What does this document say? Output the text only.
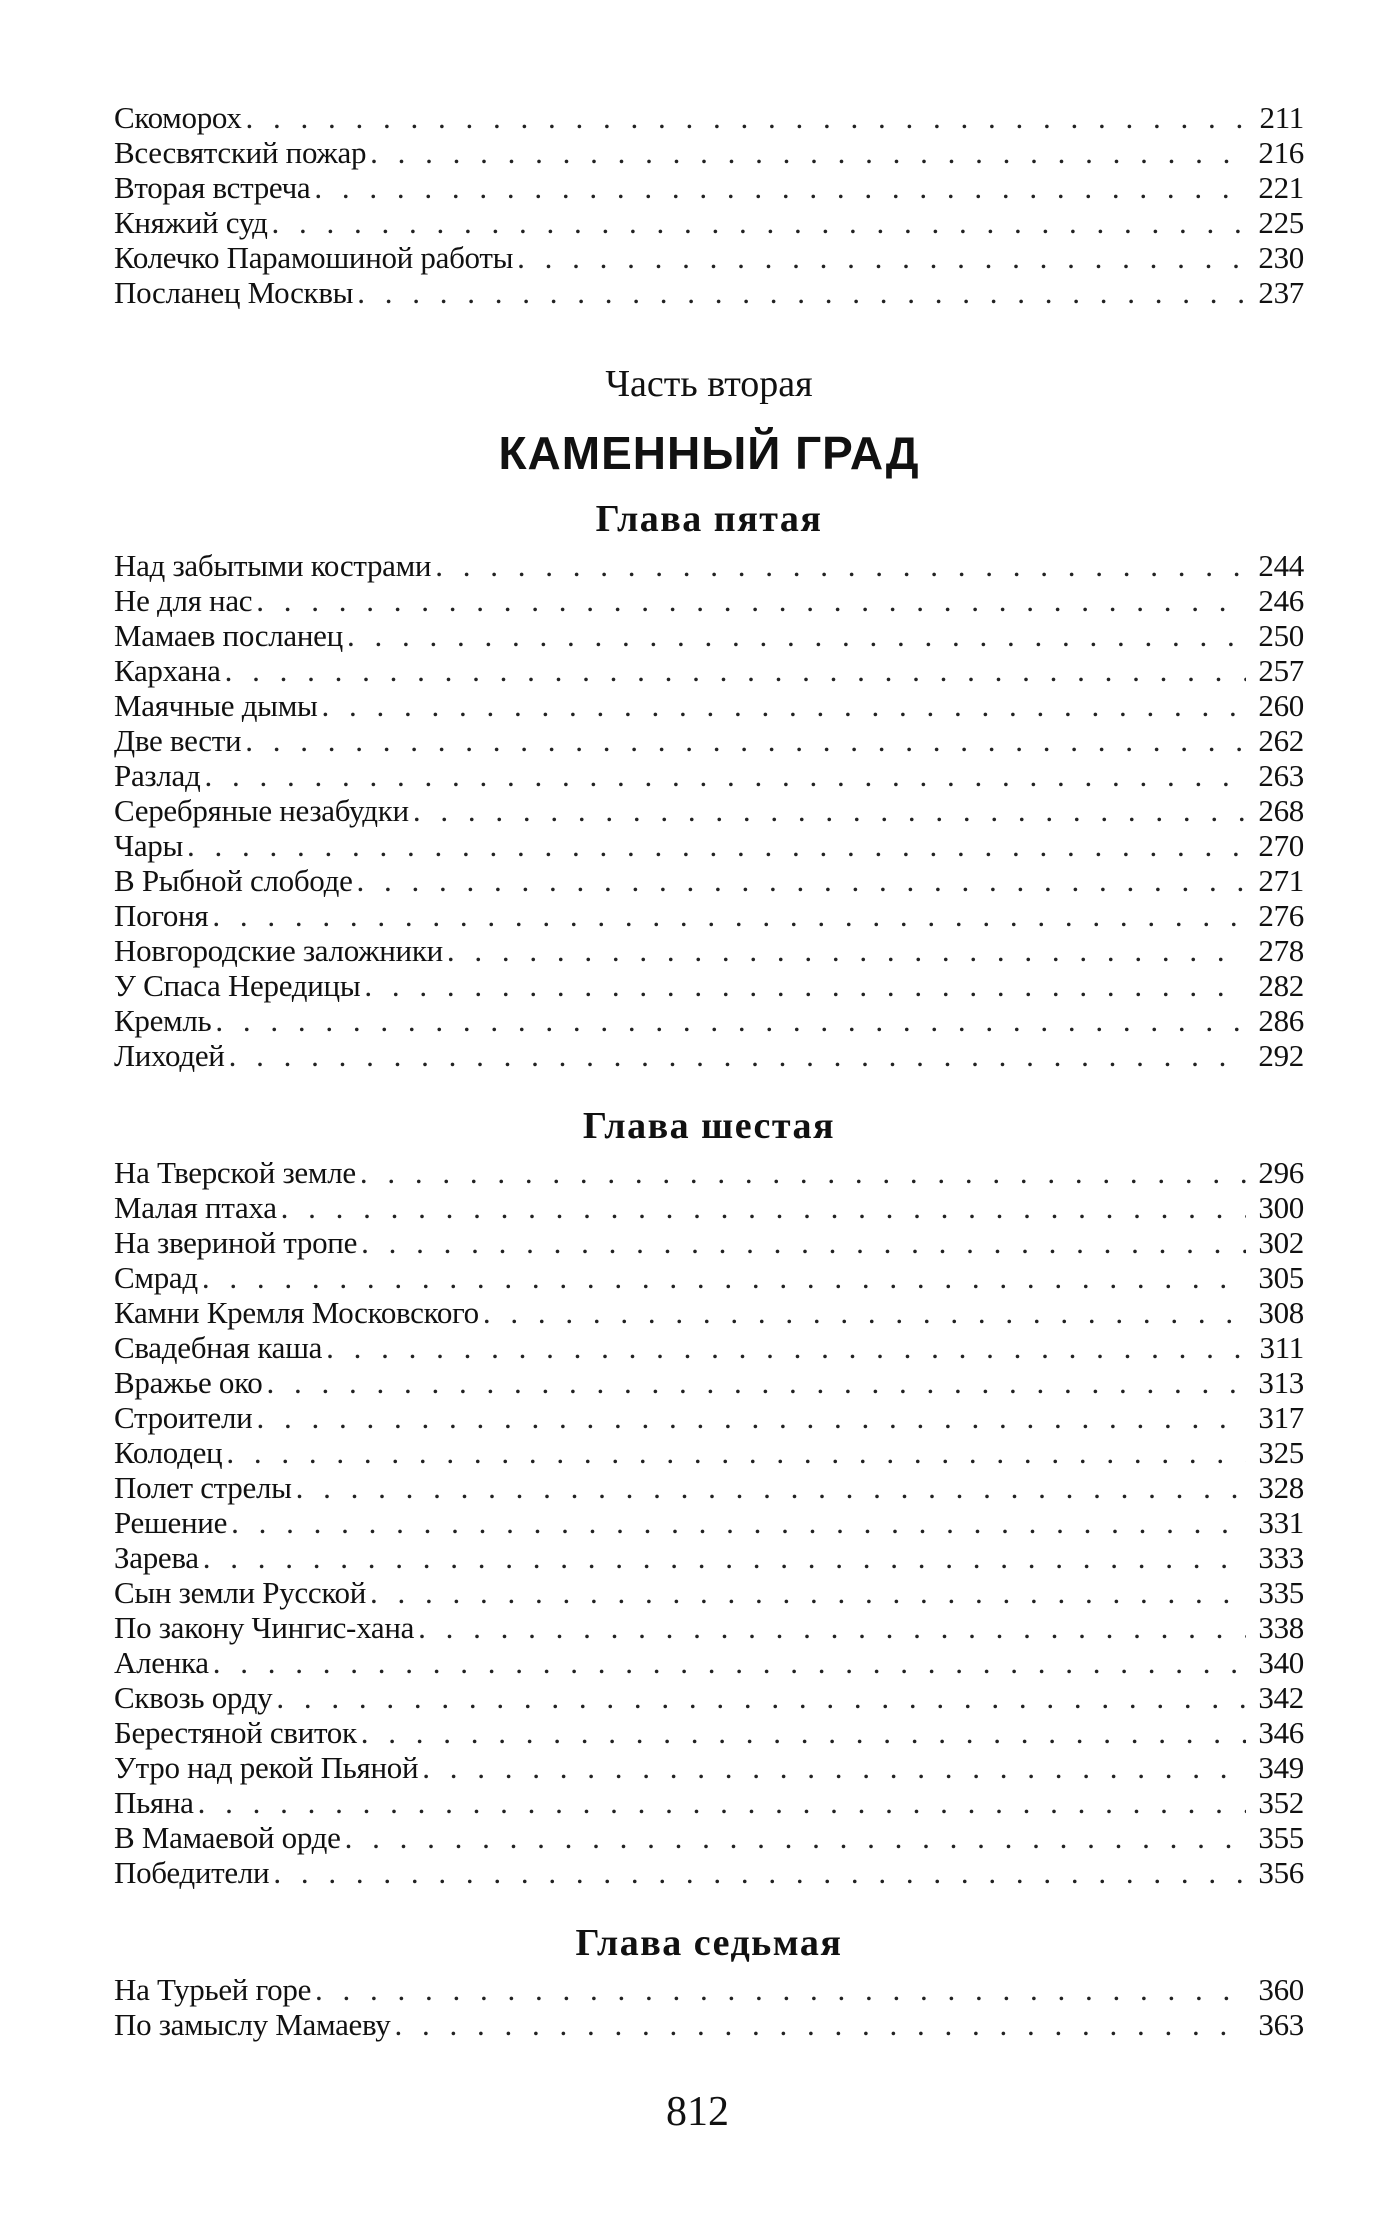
Скоморох . . .	211
Всесвятский пожар . . .	216
Вторая встреча . . .	221
Княжий суд . . .	225
Колечко Парамошиной работы . . .	230
Посланец Москвы . . .	237
Часть вторая
КАМЕННЫЙ ГРАД
Глава пятая
Над забытыми кострами . . .	244
Не для нас . . .	246
Мамаев посланец . . .	250
Кархана . . .	257
Маячные дымы . . .	260
Две вести . . .	262
Разлад . . .	263
Серебряные незабудки . . .	268
Чары . . .	270
В Рыбной слободе . . .	271
Погоня . . .	276
Новгородские заложники . . .	278
У Спаса Нередицы . . .	282
Кремль . . .	286
Лиходей . . .	292
Глава шестая
На Тверской земле . . .	296
Малая птаха . . .	300
На звериной тропе . . .	302
Смрад . . .	305
Камни Кремля Московского . . .	308
Свадебная каша . . .	311
Вражье око . . .	313
Строители . . .	317
Колодец . . .	325
Полет стрелы . . .	328
Решение . . .	331
Зарева . . .	333
Сын земли Русской . . .	335
По закону Чингис-хана . . .	338
Аленка . . .	340
Сквозь орду . . .	342
Берестяной свиток . . .	346
Утро над рекой Пьяной . . .	349
Пьяна . . .	352
В Мамаевой орде . . .	355
Победители . . .	356
Глава седьмая
На Турьей горе . . .	360
По замыслу Мамаеву . . .	363
812
